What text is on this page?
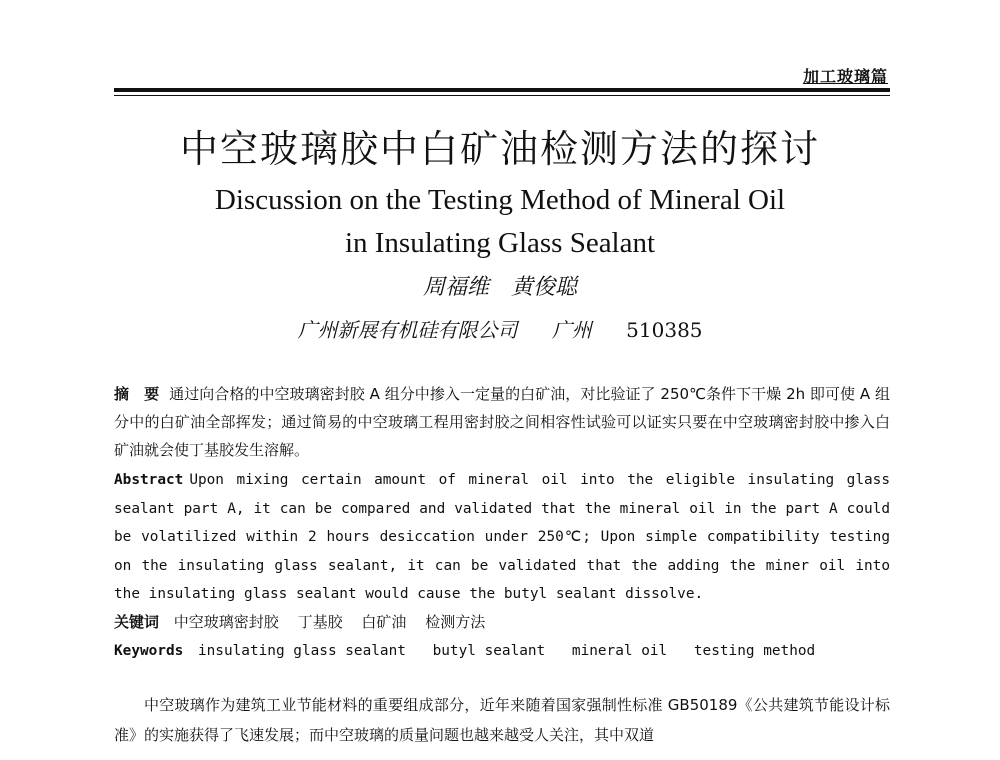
加工玻璃篇
中空玻璃胶中白矿油检测方法的探讨
Discussion on the Testing Method of Mineral Oil
in Insulating Glass Sealant
周福维　黄俊聪
广州新展有机硅有限公司 广州 510385
摘　要 通过向合格的中空玻璃密封胶 A 组分中掺入一定量的白矿油，对比验证了 250℃条件下干燥 2h 即可使 A 组分中的白矿油全部挥发；通过简易的中空玻璃工程用密封胶之间相容性试验可以证实只要在中空玻璃密封胶中掺入白矿油就会使丁基胶发生溶解。
Abstract Upon mixing certain amount of mineral oil into the eligible insulating glass sealant part A, it can be compared and validated that the mineral oil in the part A could be volatilized within 2 hours desiccation under 250℃; Upon simple compatibility testing on the insulating glass sealant, it can be validated that the adding the miner oil into the insulating glass sealant would cause the butyl sealant dissolve.
关键词 中空玻璃密封胶 丁基胶 白矿油 检测方法
Keywords insulating glass sealant butyl sealant mineral oil testing method
中空玻璃作为建筑工业节能材料的重要组成部分，近年来随着国家强制性标准 GB50189《公共建筑节能设计标准》的实施获得了飞速发展；而中空玻璃的质量问题也越来越受人关注，其中双道
